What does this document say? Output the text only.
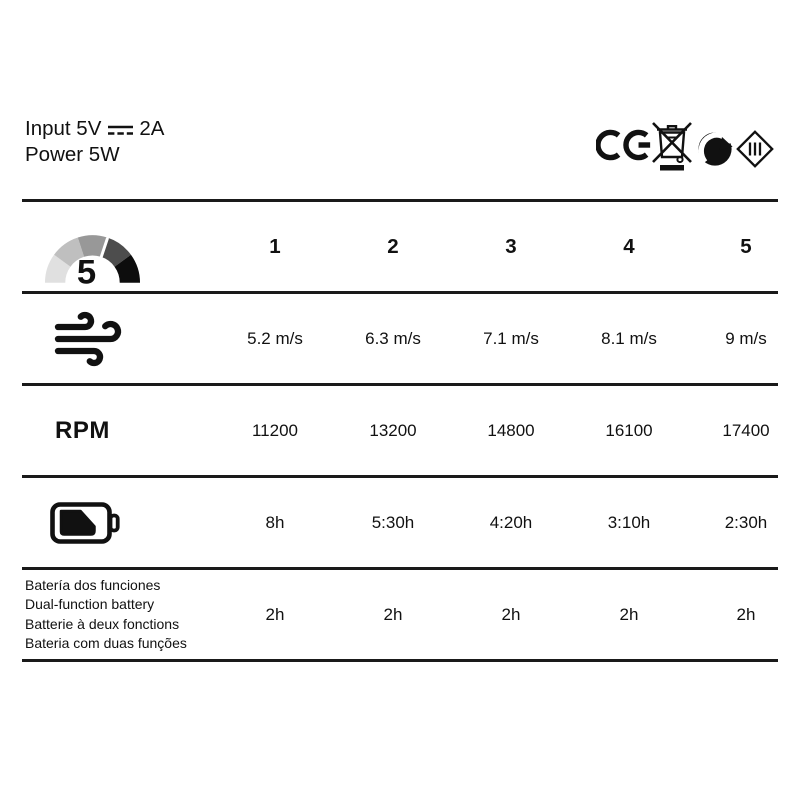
Input 5V 2A
Power 5W
5
1	2	3	4	5
5.2 m/s	6.3 m/s	7.1 m/s	8.1 m/s	9 m/s
RPM	11200	13200	14800	16100	17400
8h	5:30h	4:20h	3:10h	2:30h
Batería dos funciones
Dual-function battery
Batterie à deux fonctions
Bateria com duas funções
2h	2h	2h	2h	2h
